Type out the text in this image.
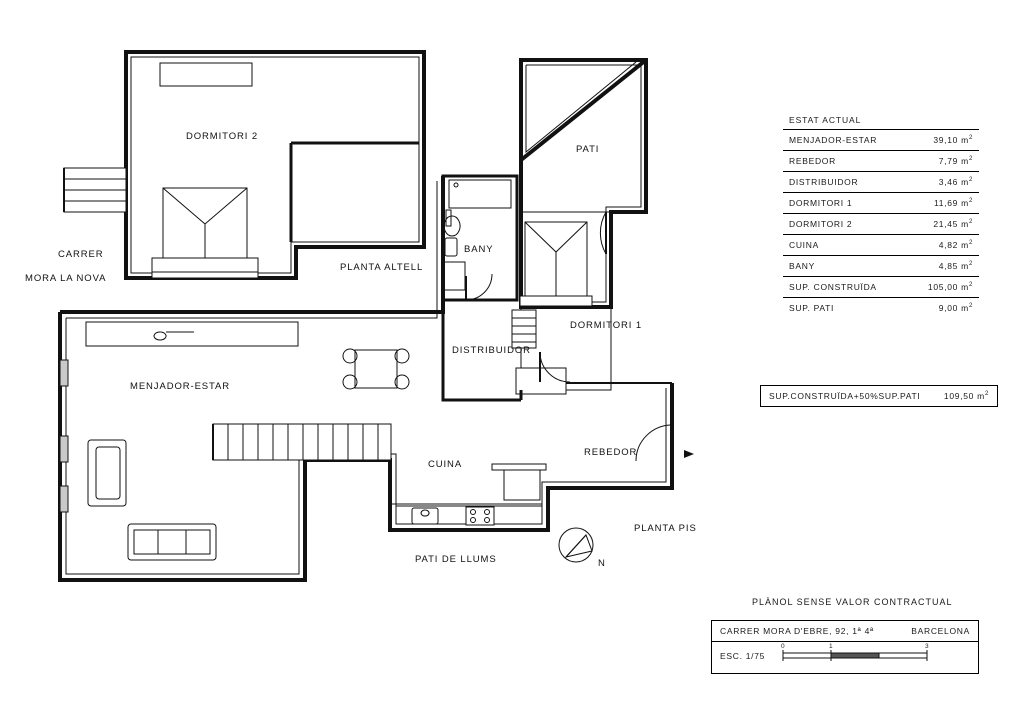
DORMITORI 2
PATI
CARRER
MORA LA NOVA
BANY
PLANTA ALTELL
DORMITORI 1
MENJADOR-ESTAR
DISTRIBUIDOR
REBEDOR
CUINA
PLANTA PIS
PATI DE LLUMS	N
ESTAT ACTUAL
MENJADOR-ESTAR	39,10 $m^2$
REBEDOR	7,79 $m^2$
DISTRIBUIDOR	3,46 $m^2$
DORMITORI 1	11,69 $m^2$
DORMITORI 2	21,45 $m^2$
CUINA	4,82 $m^2$
BANY	4,85 $m^2$
SUP. CONSTRUÏDA	105,00 $m^2$
SUP. PATI	9,00 $m^2$
SUP.CONSTRUÏDA+50%SUP.PATI	109,50 $m^2$
PLÀNOL SENSE VALOR CONTRACTUAL
CARRER MORA D'EBRE, 92, 1ª 4ª	BARCELONA
ESC. 1/75
0	1	3
